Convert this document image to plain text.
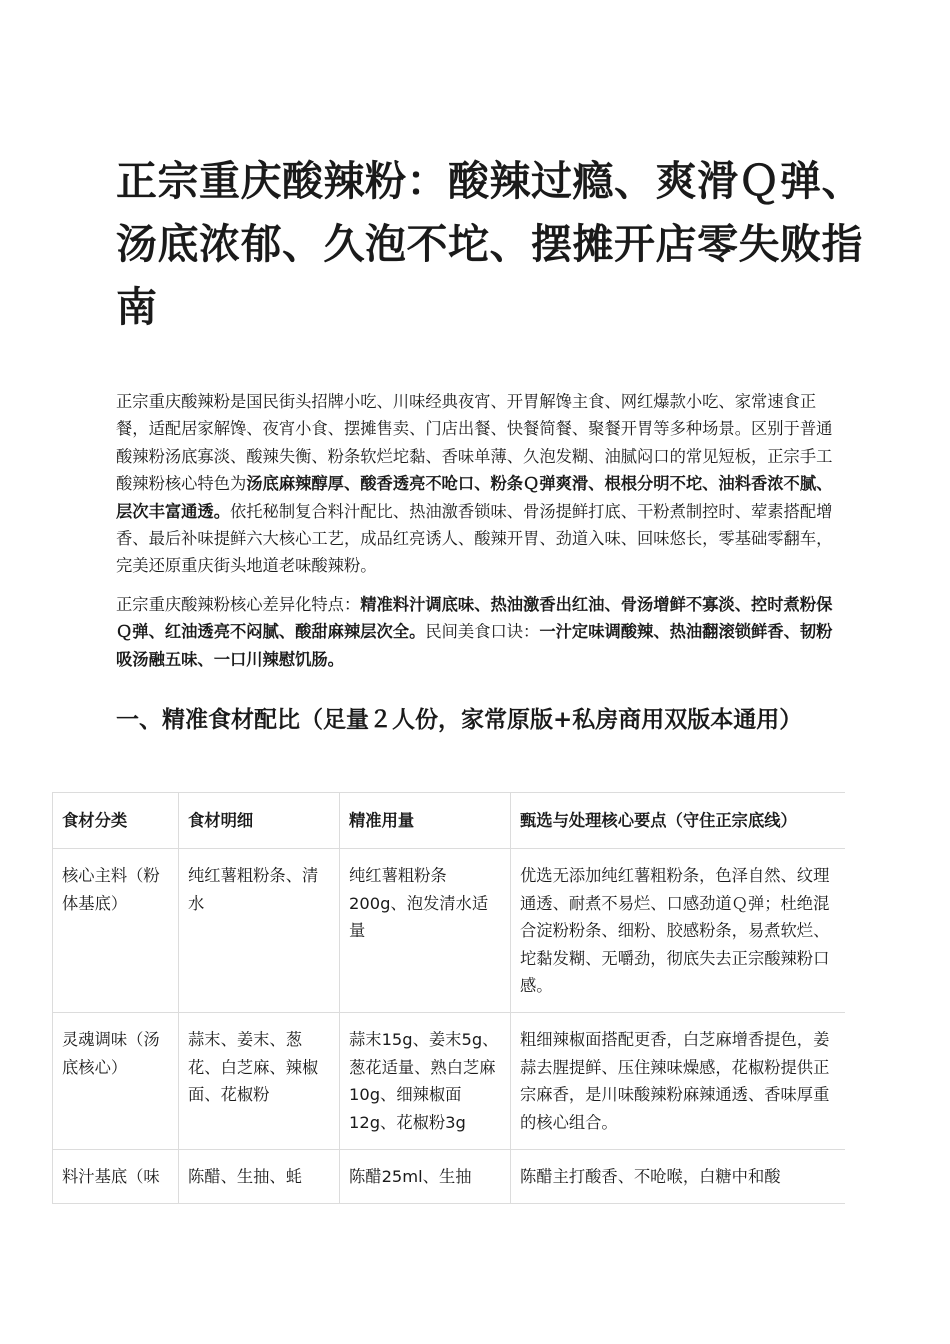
正宗重庆酸辣粉：酸辣过瘾、爽滑Ｑ弹、汤底浓郁、久泡不坨、摆摊开店零失败指南

正宗重庆酸辣粉是国民街头招牌小吃、川味经典夜宵、开胃解馋主食、网红爆款小吃、家常速食正餐，适配居家解馋、夜宵小食、摆摊售卖、门店出餐、快餐简餐、聚餐开胃等多种场景。区别于普通酸辣粉汤底寡淡、酸辣失衡、粉条软烂坨黏、香味单薄、久泡发糊、油腻闷口的常见短板，正宗手工酸辣粉核心特色为汤底麻辣醇厚、酸香透亮不呛口、粉条Ｑ弹爽滑、根根分明不坨、油料香浓不腻、层次丰富通透。依托秘制复合料汁配比、热油激香锁味、骨汤提鲜打底、干粉煮制控时、荤素搭配增香、最后补味提鲜六大核心工艺，成品红亮诱人、酸辣开胃、劲道入味、回味悠长，零基础零翻车，完美还原重庆街头地道老味酸辣粉。

正宗重庆酸辣粉核心差异化特点：精准料汁调底味、热油激香出红油、骨汤增鲜不寡淡、控时煮粉保Ｑ弹、红油透亮不闷腻、酸甜麻辣层次全。民间美食口诀：一汁定味调酸辣、热油翻滚锁鲜香、韧粉吸汤融五味、一口川辣慰饥肠。

一、精准食材配比（足量２人份，家常原版+私房商用双版本通用）
食材分类	食材明细	精准用量	甄选与处理核心要点（守住正宗底线）
核心主料（粉体基底）	纯红薯粗粉条、清水	纯红薯粗粉条200g、泡发清水适量	优选无添加纯红薯粗粉条，色泽自然、纹理通透、耐煮不易烂、口感劲道Ｑ弹；杜绝混合淀粉粉条、细粉、胶感粉条，易煮软烂、坨黏发糊、无嚼劲，彻底失去正宗酸辣粉口感。
灵魂调味（汤底核心）	蒜末、姜末、葱花、白芝麻、辣椒面、花椒粉	蒜末15g、姜末5g、葱花适量、熟白芝麻10g、细辣椒面12g、花椒粉3g	粗细辣椒面搭配更香，白芝麻增香提色，姜蒜去腥提鲜、压住辣味燥感，花椒粉提供正宗麻香，是川味酸辣粉麻辣通透、香味厚重的核心组合。
料汁基底（味	陈醋、生抽、蚝	陈醋25ml、生抽	陈醋主打酸香、不呛喉，白糖中和酸
